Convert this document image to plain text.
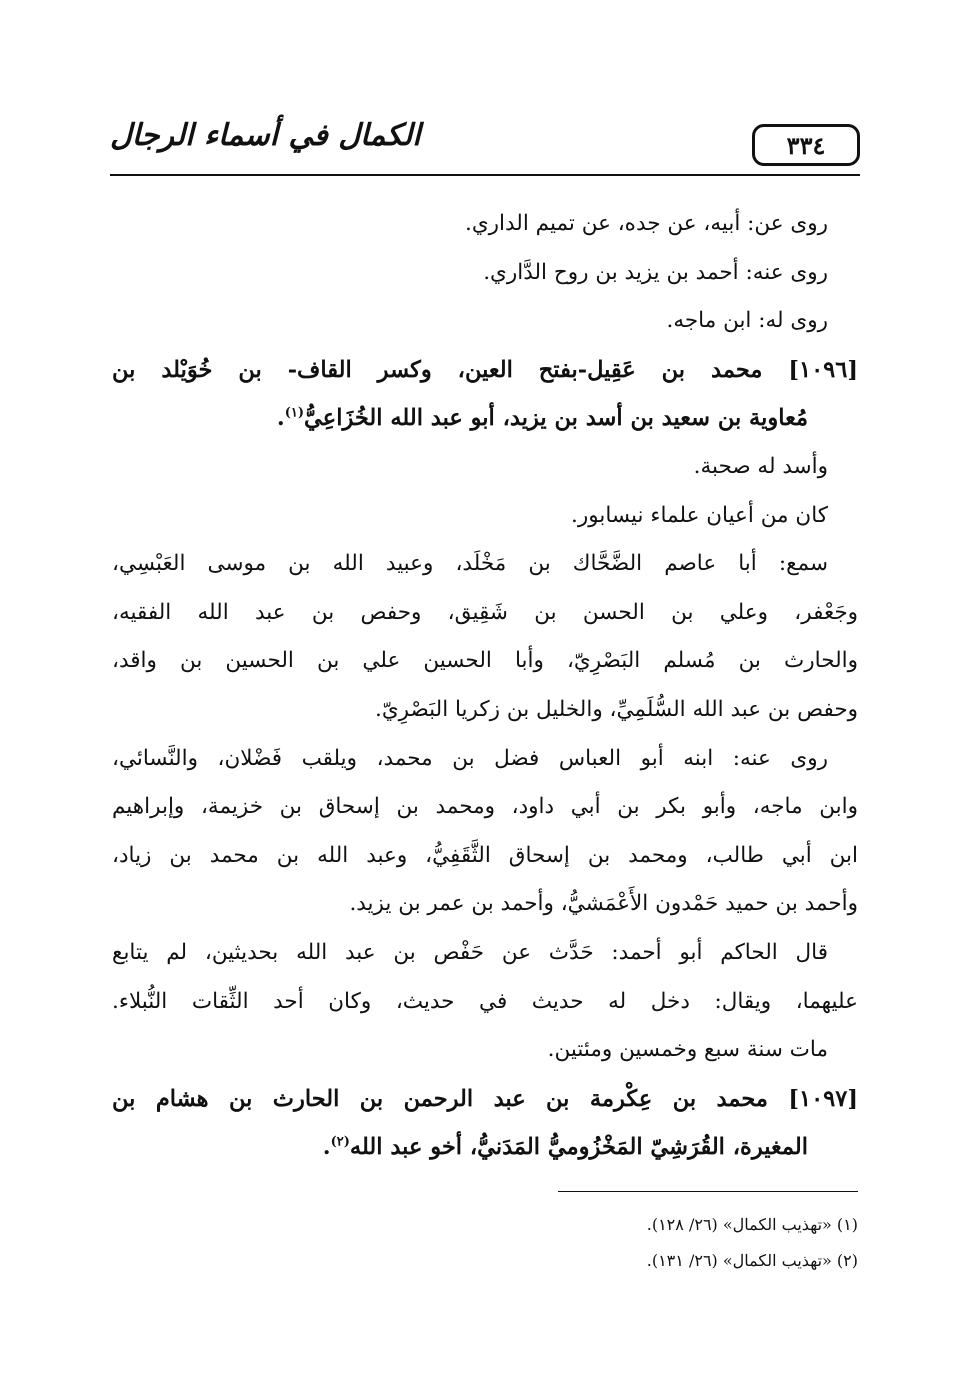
الكمال في أسماء الرجال	٣٣٤
روى عن: أبيه، عن جده، عن تميم الداري.
روى عنه: أحمد بن يزيد بن روح الدَّاري.
روى له: ابن ماجه.
[١٠٩٦] محمد بن عَقِيل-بفتح العين، وكسر القاف- بن خُوَيْلد بن
مُعاوية بن سعيد بن أسد بن يزيد، أبو عبد الله الخُزَاعِيُّ$^{(١)}$.
وأسد له صحبة.
كان من أعيان علماء نيسابور.
سمع: أبا عاصم الضَّحَّاك بن مَخْلَد، وعبيد الله بن موسى العَبْسِي،
وجَعْفر، وعلي بن الحسن بن شَقِيق، وحفص بن عبد الله الفقيه،
والحارث بن مُسلم البَصْرِيّ، وأبا الحسين علي بن الحسين بن واقد،
وحفص بن عبد الله السُّلَمِيِّ، والخليل بن زكريا البَصْرِيّ.
روى عنه: ابنه أبو العباس فضل بن محمد، ويلقب فَضْلان، والنَّسائي،
وابن ماجه، وأبو بكر بن أبي داود، ومحمد بن إسحاق بن خزيمة، وإبراهيم
ابن أبي طالب، ومحمد بن إسحاق الثَّقَفِيُّ، وعبد الله بن محمد بن زياد،
وأحمد بن حميد حَمْدون الأَعْمَشيُّ، وأحمد بن عمر بن يزيد.
قال الحاكم أبو أحمد: حَدَّث عن حَفْص بن عبد الله بحديثين، لم يتابع
عليهما، ويقال: دخل له حديث في حديث، وكان أحد الثِّقات النُّبلاء.
مات سنة سبع وخمسين ومئتين.
[١٠٩٧] محمد بن عِكْرمة بن عبد الرحمن بن الحارث بن هشام بن
المغيرة، القُرَشِيّ المَخْزُوميُّ المَدَنيُّ، أخو عبد الله$^{(٢)}$.
(١) «تهذيب الكمال» (٢٦/ ١٢٨).
(٢) «تهذيب الكمال» (٢٦/ ١٣١).
